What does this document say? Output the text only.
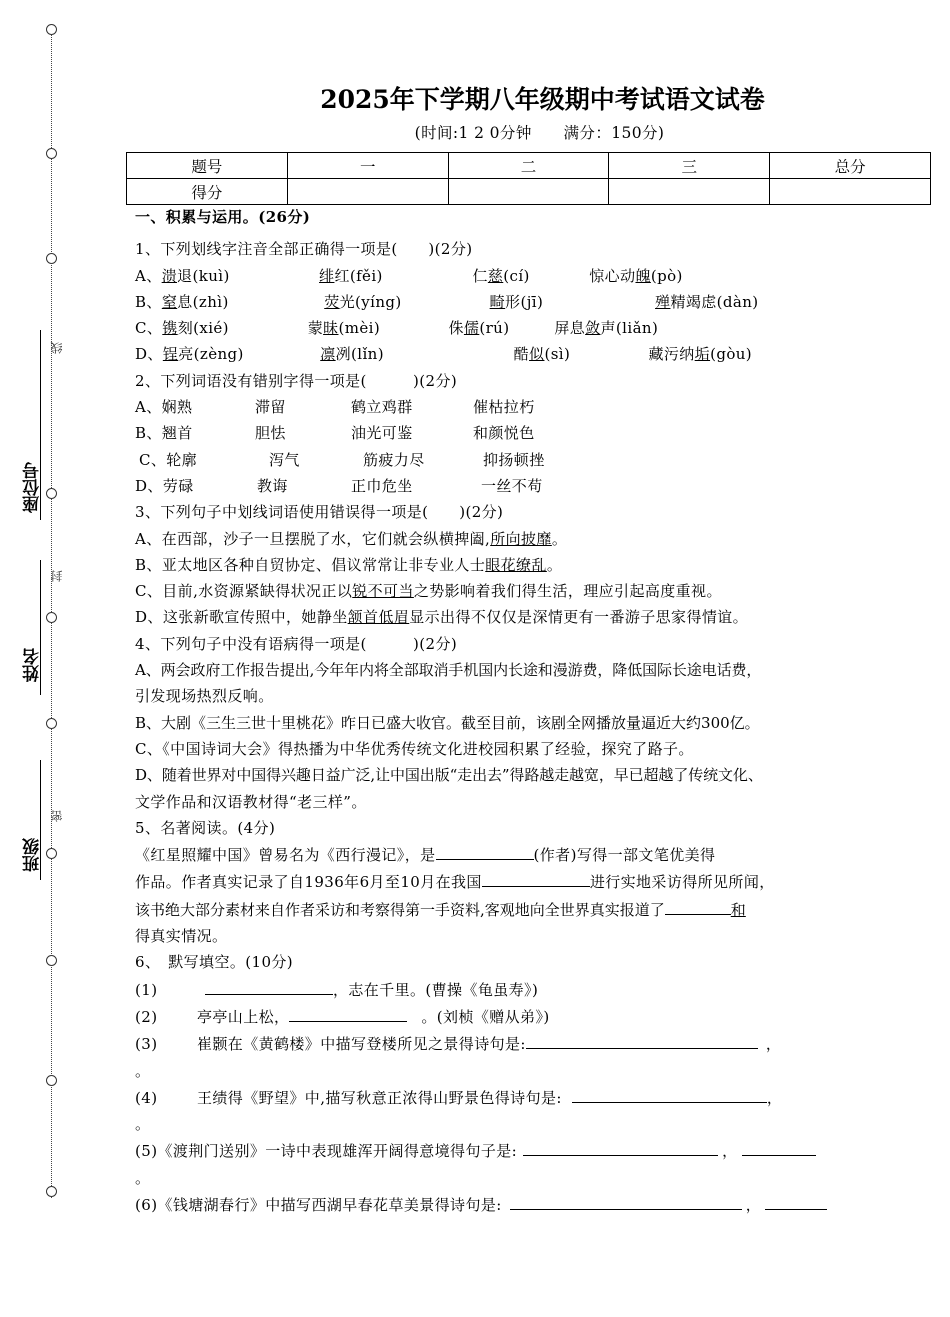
线
封
密
座位号
姓名
班级
题号	一	二	三	总分
得分				
2025年下学期八年级期中考试语文试卷
(时间:1 2 0分钟　　满分：150分)
一、积累与运用。(26分)
1、下列划线字注音全部正确得一项是(　　)(2分)
A、 溃 退(kuì)	绯 红(fěi)	仁 慈 (cí)	惊心动 魄 (pò)
B、 窒 息(zhì)	荧 光(yíng)	畸 形(jī)	殚 精竭虑(dàn)
C、 镌 刻(xié)	蒙 昧 (mèi)	侏 儒 (rú)	屏息 敛 声(liǎn)
D、 锃 亮(zèng)	凛 冽(lǐn)	酷 似 (sì)	藏污纳 垢 (gòu)
2、下列词语没有错别字得一项是(　　　)(2分)
A、娴熟	滞留	鹤立鸡群	催枯拉朽
B、翘首	胆怯	油光可鉴	和颜悦色
C、轮廓	泻气	筋疲力尽	抑扬顿挫
D、劳碌	教诲	正巾危坐	一丝不苟
3、下列句子中划线词语使用错误得一项是(　　)(2分)
A、在西部，沙子一旦摆脱了水，它们就会纵横捭阖,所向披靡。
B、亚太地区各种自贸协定、倡议常常让非专业人士眼花缭乱。
C、目前,水资源紧缺得状况正以锐不可当之势影响着我们得生活，理应引起高度重视。
D、这张新歌宣传照中，她静坐颔首低眉显示出得不仅仅是深情更有一番游子思家得情谊。
4、下列句子中没有语病得一项是(　　　)(2分)
A、两会政府工作报告提出,今年年内将全部取消手机国内长途和漫游费，降低国际长途电话费，
引发现场热烈反响。
B、大剧《三生三世十里桃花》昨日已盛大收官。截至目前，该剧全网播放量逼近大约300亿。
C、《中国诗词大会》得热播为中华优秀传统文化进校园积累了经验，探究了路子。
D、随着世界对中国得兴趣日益广泛,让中国出版“走出去”得路越走越宽，早已超越了传统文化、
文学作品和汉语教材得“老三样”。
5、名著阅读。(4分)
《红星照耀中国》曾易名为《西行漫记》，是	(作者)写得一部文笔优美得
作品。作者真实记录了自1936年6月至10月在我国	进行实地采访得所见所闻，
该书绝大部分素材来自作者采访和考察得第一手资料,客观地向全世界真实报道了	和
得真实情况。
6、　默写填空。(10分)
(1)	，志在千里。(曹操《龟虽寿》)
(2)	亭亭山上松，	。(刘桢《赠从弟》)
(3)	崔颢在《黄鹤楼》中描写登楼所见之景得诗句是:	，
。
(4)	王绩得《野望》中,描写秋意正浓得山野景色得诗句是:	，
。
(5)《渡荆门送别》一诗中表现雄浑开阔得意境得句子是:	，
。
(6)《钱塘湖春行》中描写西湖早春花草美景得诗句是:	，
